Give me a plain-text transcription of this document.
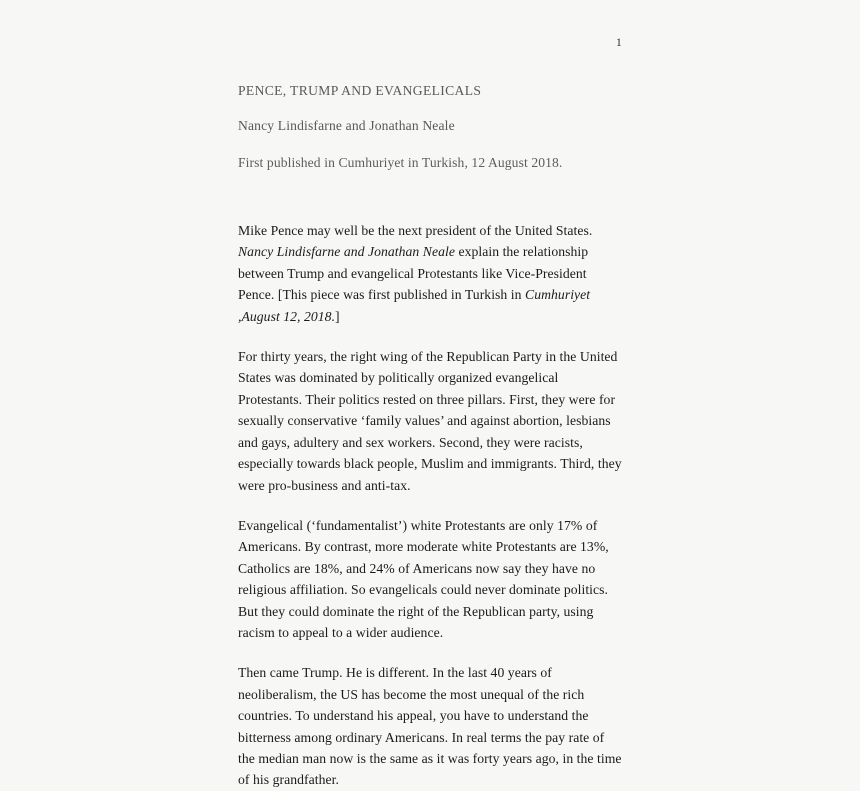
1
PENCE, TRUMP AND EVANGELICALS
Nancy Lindisfarne and Jonathan Neale
First published in Cumhuriyet in Turkish, 12 August 2018.

Mike Pence may well be the next president of the United States. Nancy Lindisfarne and Jonathan Neale explain the relationship between Trump and evangelical Protestants like Vice-President Pence. [This piece was first published in Turkish in Cumhuriyet ,August 12, 2018.]

For thirty years, the right wing of the Republican Party in the United States was dominated by politically organized evangelical Protestants. Their politics rested on three pillars. First, they were for sexually conservative ‘family values’ and against abortion, lesbians and gays, adultery and sex workers. Second, they were racists, especially towards black people, Muslim and immigrants. Third, they were pro-business and anti-tax.

Evangelical (‘fundamentalist’) white Protestants are only 17% of Americans. By contrast, more moderate white Protestants are 13%, Catholics are 18%, and 24% of Americans now say they have no religious affiliation. So evangelicals could never dominate politics. But they could dominate the right of the Republican party, using racism to appeal to a wider audience.

Then came Trump. He is different. In the last 40 years of neoliberalism, the US has become the most unequal of the rich countries. To understand his appeal, you have to understand the bitterness among ordinary Americans. In real terms the pay rate of the median man now is the same as it was forty years ago, in the time of his grandfather.
